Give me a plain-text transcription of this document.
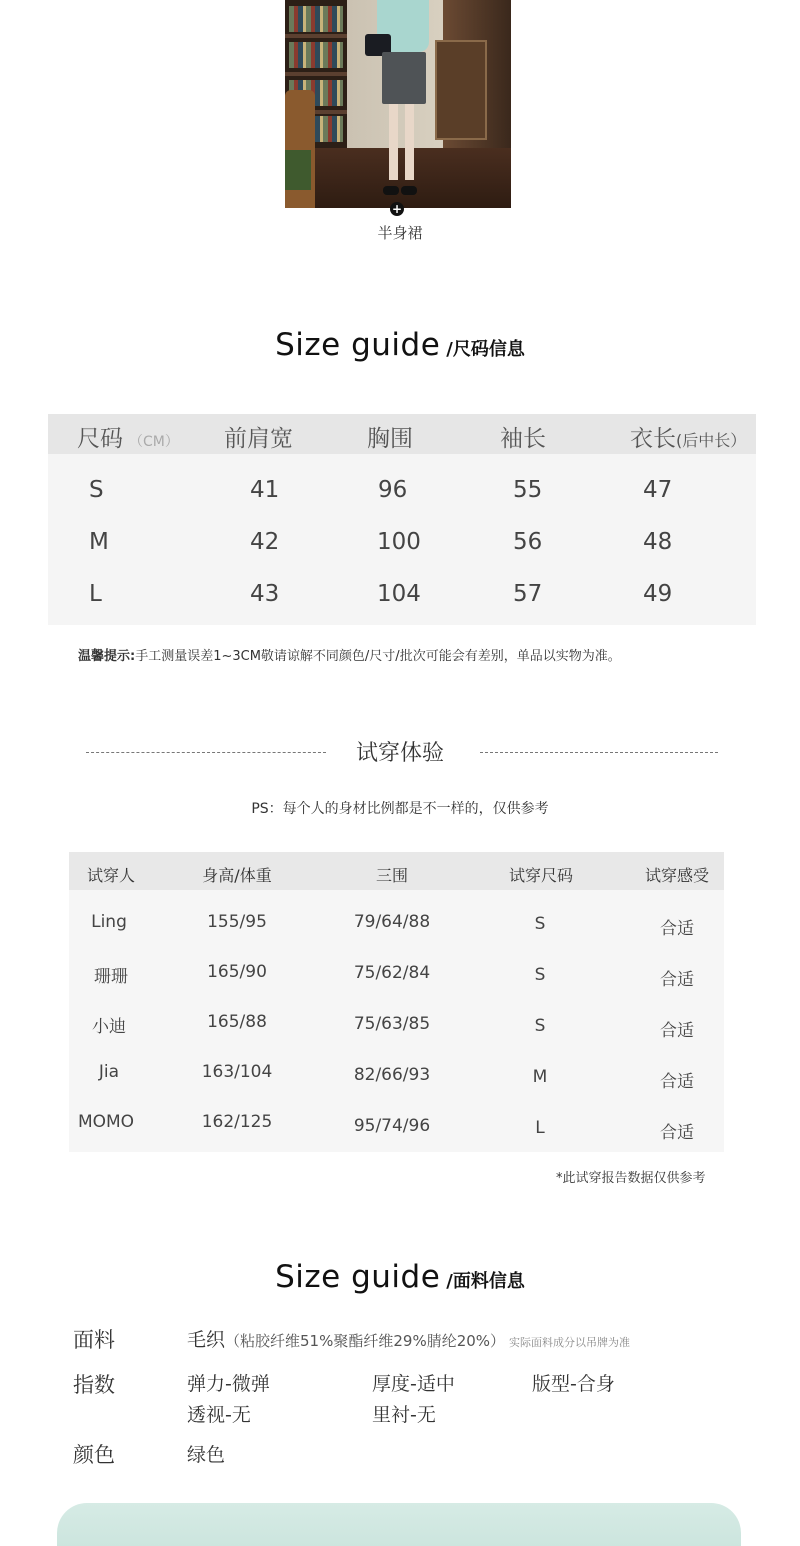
+
半身裙
Size guide /尺码信息
尺码 （CM） 前肩宽	胸围	袖长	衣长(后中长）
S	41	96	55	47
M	42	100	56	48
L	43	104	57	49
温馨提示:手工测量误差1~3CM敬请谅解不同颜色/尺寸/批次可能会有差别，单品以实物为准。
试穿体验
PS：每个人的身材比例都是不一样的，仅供参考
试穿人	身高/体重	三围	试穿尺码	试穿感受
Ling	155/95	79/64/88	S	合适
珊珊	165/90	75/62/84	S	合适
小迪	165/88	75/63/85	S	合适
Jia	163/104	82/66/93	M	合适
MOMO	162/125	95/74/96	L	合适
*此试穿报告数据仅供参考
Size guide /面料信息
面料	毛织（粘胶纤维51%聚酯纤维29%腈纶20%） 实际面料成分以吊牌为准
指数	弹力-微弹	厚度-适中	版型-合身
透视-无	里衬-无
颜色	绿色
